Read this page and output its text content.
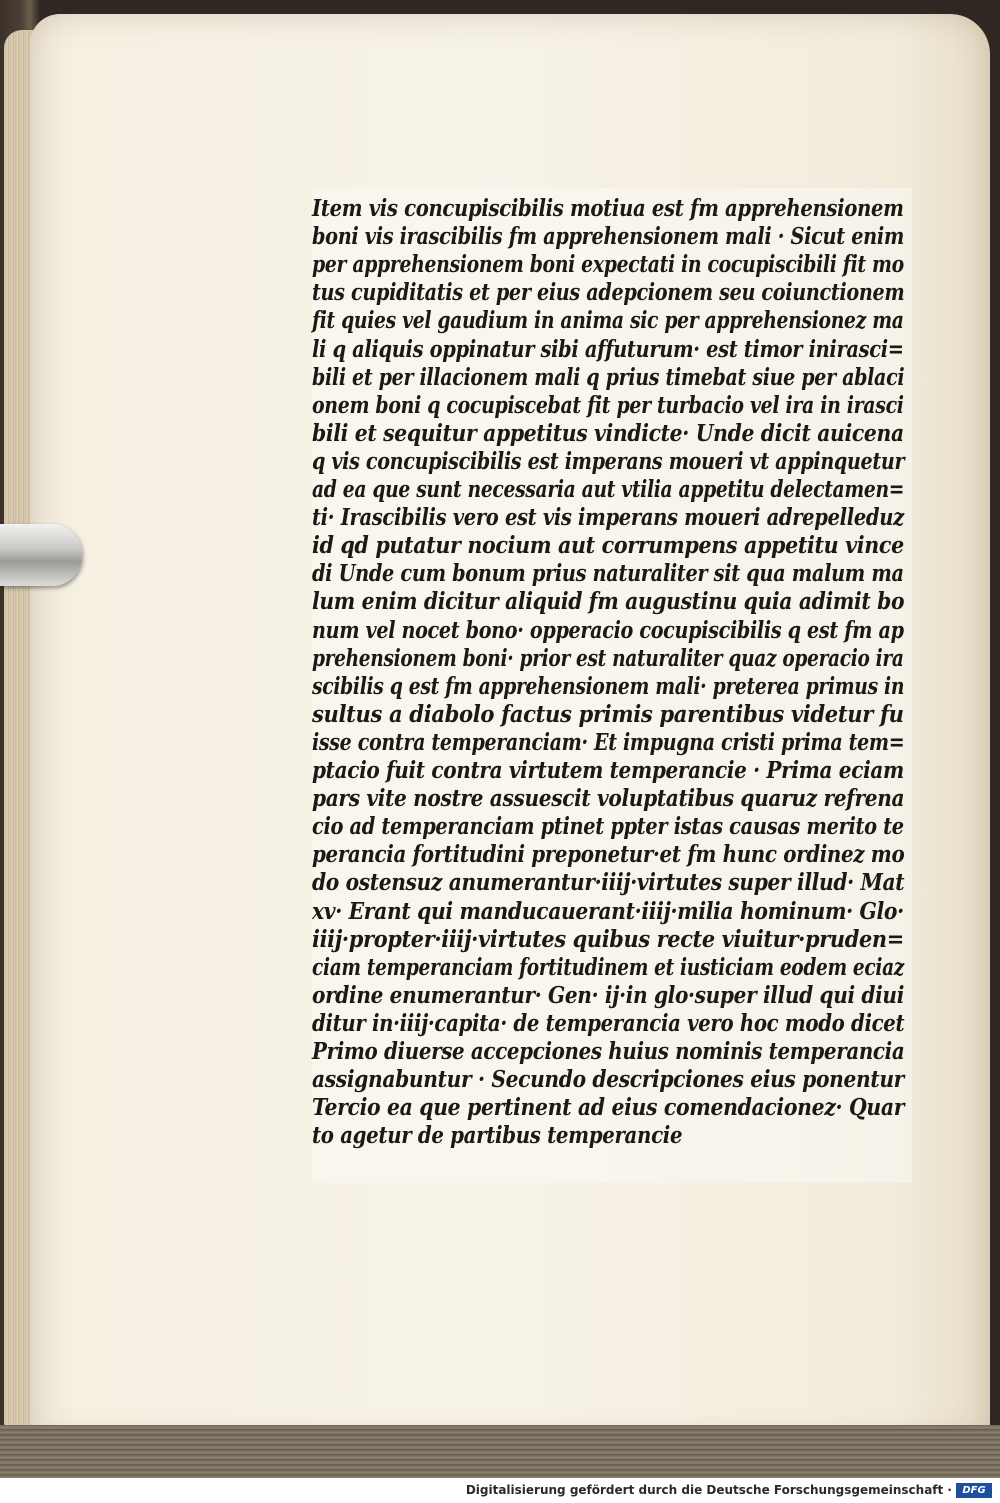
Item vis concupiscibilis motiua est fm apprehensionem
boni vis irascibilis fm apprehensionem mali · Sicut enim
per apprehensionem boni expectati in cocupiscibili fit mo
tus cupiditatis et per eius adepcionem seu coiunctionem
fit quies vel gaudium in anima sic per apprehensionez ma
li q aliquis oppinatur sibi affuturum· est timor inirasci=
bili et per illacionem mali q prius timebat siue per ablaci
onem boni q cocupiscebat fit per turbacio vel ira in irasci
bili et sequitur appetitus vindicte· Unde dicit auicena
q vis concupiscibilis est imperans moueri vt appinquetur
ad ea que sunt necessaria aut vtilia appetitu delectamen=
ti· Irascibilis vero est vis imperans moueri adrepelleduz
id qd putatur nocium aut corrumpens appetitu vince
di Unde cum bonum prius naturaliter sit qua malum ma
lum enim dicitur aliquid fm augustinu quia adimit bo
num vel nocet bono· opperacio cocupiscibilis q est fm ap
prehensionem boni· prior est naturaliter quaz operacio ira
scibilis q est fm apprehensionem mali· preterea primus in
sultus a diabolo factus primis parentibus videtur fu
isse contra temperanciam· Et impugna cristi prima tem=
ptacio fuit contra virtutem temperancie · Prima eciam
pars vite nostre assuescit voluptatibus quaruz refrena
cio ad temperanciam ptinet ppter istas causas merito te
perancia fortitudini preponetur·et fm hunc ordinez mo
do ostensuz anumerantur·iiij·virtutes super illud· Mat
xv· Erant qui manducauerant·iiij·milia hominum· Glo·
iiij·propter·iiij·virtutes quibus recte viuitur·pruden=
ciam temperanciam fortitudinem et iusticiam eodem eciaz
ordine enumerantur· Gen· ij·in glo·super illud qui diui
ditur in·iiij·capita· de temperancia vero hoc modo dicet
Primo diuerse accepciones huius nominis temperancia
assignabuntur · Secundo descripciones eius ponentur
Tercio ea que pertinent ad eius comendacionez· Quar
to agetur de partibus temperancie
Digitalisierung gefördert durch die Deutsche Forschungsgemeinschaft ·	DFG
